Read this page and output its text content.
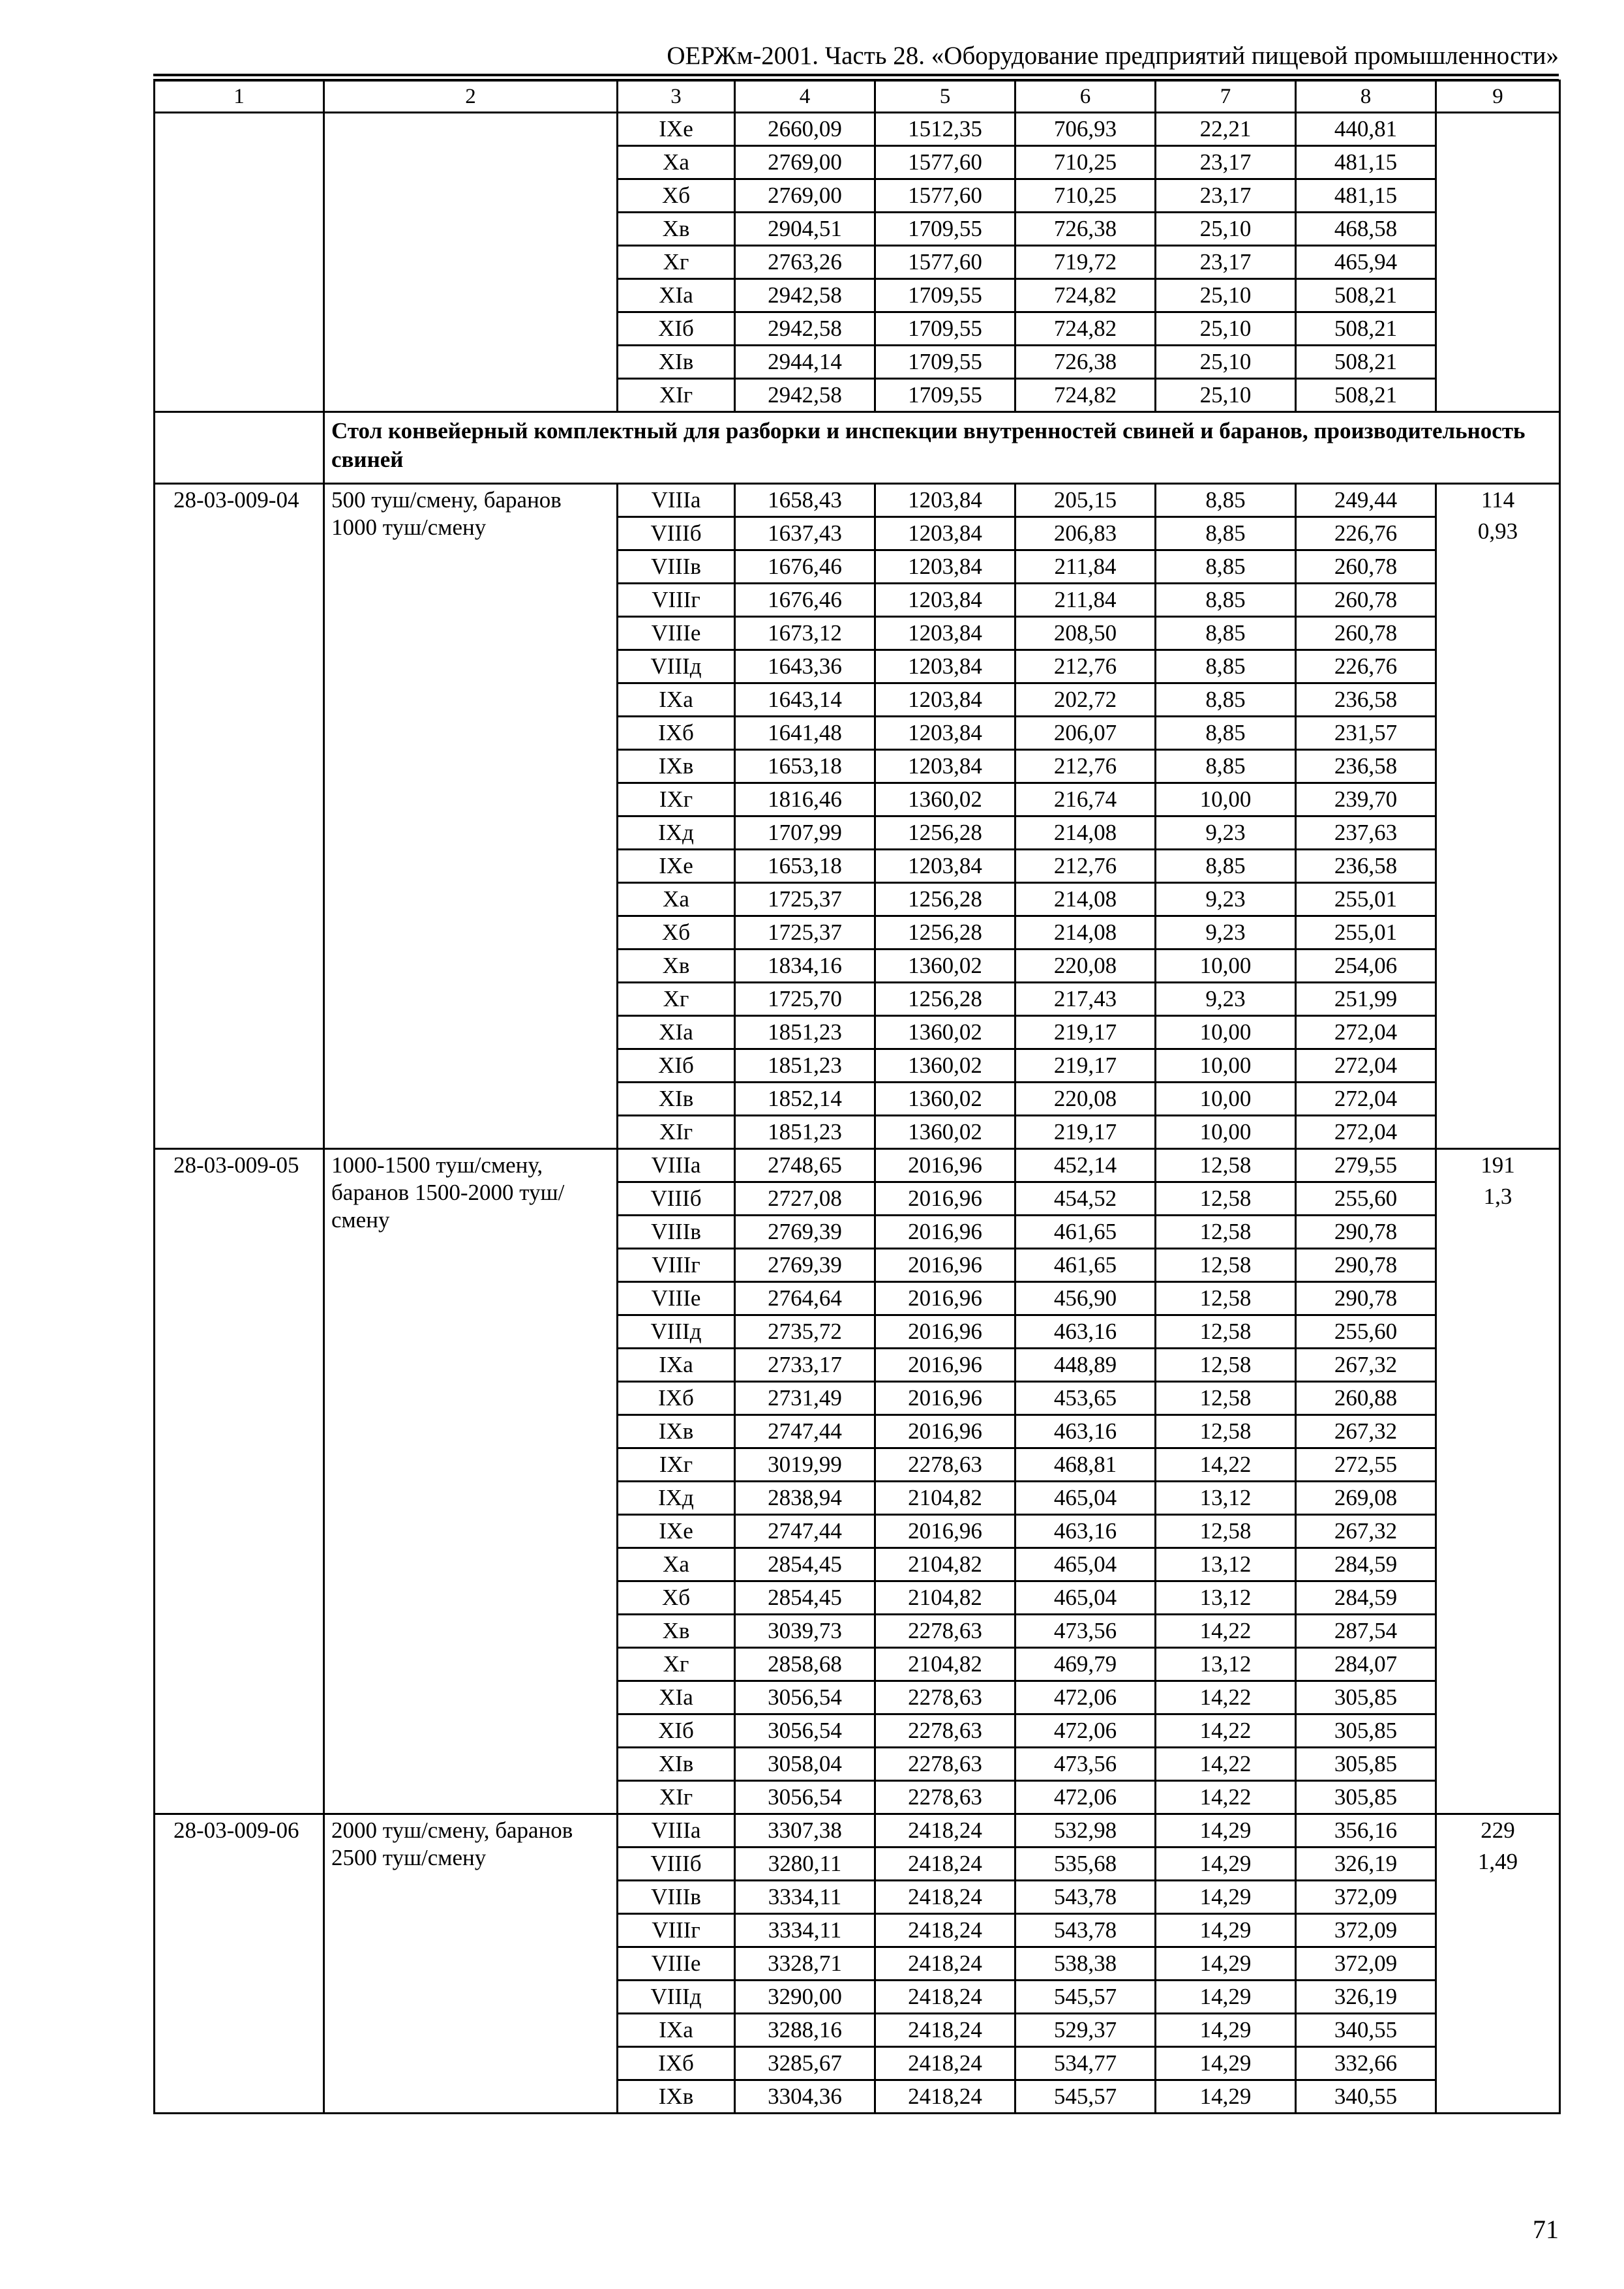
ОЕРЖм-2001. Часть 28. «Оборудование предприятий пищевой промышленности»
1	2	3	4	5	6	7	8	9
		IXе	2660,09	1512,35	706,93	22,21	440,81	
		Xа	2769,00	1577,60	710,25	23,17	481,15	
		Xб	2769,00	1577,60	710,25	23,17	481,15	
		Xв	2904,51	1709,55	726,38	25,10	468,58	
		Xг	2763,26	1577,60	719,72	23,17	465,94	
		XIа	2942,58	1709,55	724,82	25,10	508,21	
		XIб	2942,58	1709,55	724,82	25,10	508,21	
		XIв	2944,14	1709,55	726,38	25,10	508,21	
		XIг	2942,58	1709,55	724,82	25,10	508,21	
	Стол конвейерный комплектный для разборки и инспекции внутренностей свиней и баранов, производительность свиней							
28-03-009-04	500 туш/смену, баранов 1000 туш/смену	VIIIа	1658,43	1203,84	205,15	8,85	249,44	114
0,93

		VIIIб	1637,43	1203,84	206,83	8,85	226,76	
		VIIIв	1676,46	1203,84	211,84	8,85	260,78	
		VIIIг	1676,46	1203,84	211,84	8,85	260,78	
		VIIIе	1673,12	1203,84	208,50	8,85	260,78	
		VIIIд	1643,36	1203,84	212,76	8,85	226,76	
		IXа	1643,14	1203,84	202,72	8,85	236,58	
		IXб	1641,48	1203,84	206,07	8,85	231,57	
		IXв	1653,18	1203,84	212,76	8,85	236,58	
		IXг	1816,46	1360,02	216,74	10,00	239,70	
		IXд	1707,99	1256,28	214,08	9,23	237,63	
		IXе	1653,18	1203,84	212,76	8,85	236,58	
		Xа	1725,37	1256,28	214,08	9,23	255,01	
		Xб	1725,37	1256,28	214,08	9,23	255,01	
		Xв	1834,16	1360,02	220,08	10,00	254,06	
		Xг	1725,70	1256,28	217,43	9,23	251,99	
		XIа	1851,23	1360,02	219,17	10,00	272,04	
		XIб	1851,23	1360,02	219,17	10,00	272,04	
		XIв	1852,14	1360,02	220,08	10,00	272,04	
		XIг	1851,23	1360,02	219,17	10,00	272,04	
28-03-009-05	1000-1500 туш/смену, баранов 1500-2000 туш/смену	VIIIа	2748,65	2016,96	452,14	12,58	279,55	191
1,3

		VIIIб	2727,08	2016,96	454,52	12,58	255,60	
		VIIIв	2769,39	2016,96	461,65	12,58	290,78	
		VIIIг	2769,39	2016,96	461,65	12,58	290,78	
		VIIIе	2764,64	2016,96	456,90	12,58	290,78	
		VIIIд	2735,72	2016,96	463,16	12,58	255,60	
		IXа	2733,17	2016,96	448,89	12,58	267,32	
		IXб	2731,49	2016,96	453,65	12,58	260,88	
		IXв	2747,44	2016,96	463,16	12,58	267,32	
		IXг	3019,99	2278,63	468,81	14,22	272,55	
		IXд	2838,94	2104,82	465,04	13,12	269,08	
		IXе	2747,44	2016,96	463,16	12,58	267,32	
		Xа	2854,45	2104,82	465,04	13,12	284,59	
		Xб	2854,45	2104,82	465,04	13,12	284,59	
		Xв	3039,73	2278,63	473,56	14,22	287,54	
		Xг	2858,68	2104,82	469,79	13,12	284,07	
		XIа	3056,54	2278,63	472,06	14,22	305,85	
		XIб	3056,54	2278,63	472,06	14,22	305,85	
		XIв	3058,04	2278,63	473,56	14,22	305,85	
		XIг	3056,54	2278,63	472,06	14,22	305,85	
28-03-009-06	2000 туш/смену, баранов 2500 туш/смену	VIIIа	3307,38	2418,24	532,98	14,29	356,16	229
1,49

		VIIIб	3280,11	2418,24	535,68	14,29	326,19	
		VIIIв	3334,11	2418,24	543,78	14,29	372,09	
		VIIIг	3334,11	2418,24	543,78	14,29	372,09	
		VIIIе	3328,71	2418,24	538,38	14,29	372,09	
		VIIIд	3290,00	2418,24	545,57	14,29	326,19	
		IXа	3288,16	2418,24	529,37	14,29	340,55	
		IXб	3285,67	2418,24	534,77	14,29	332,66	
		IXв	3304,36	2418,24	545,57	14,29	340,55	
71
